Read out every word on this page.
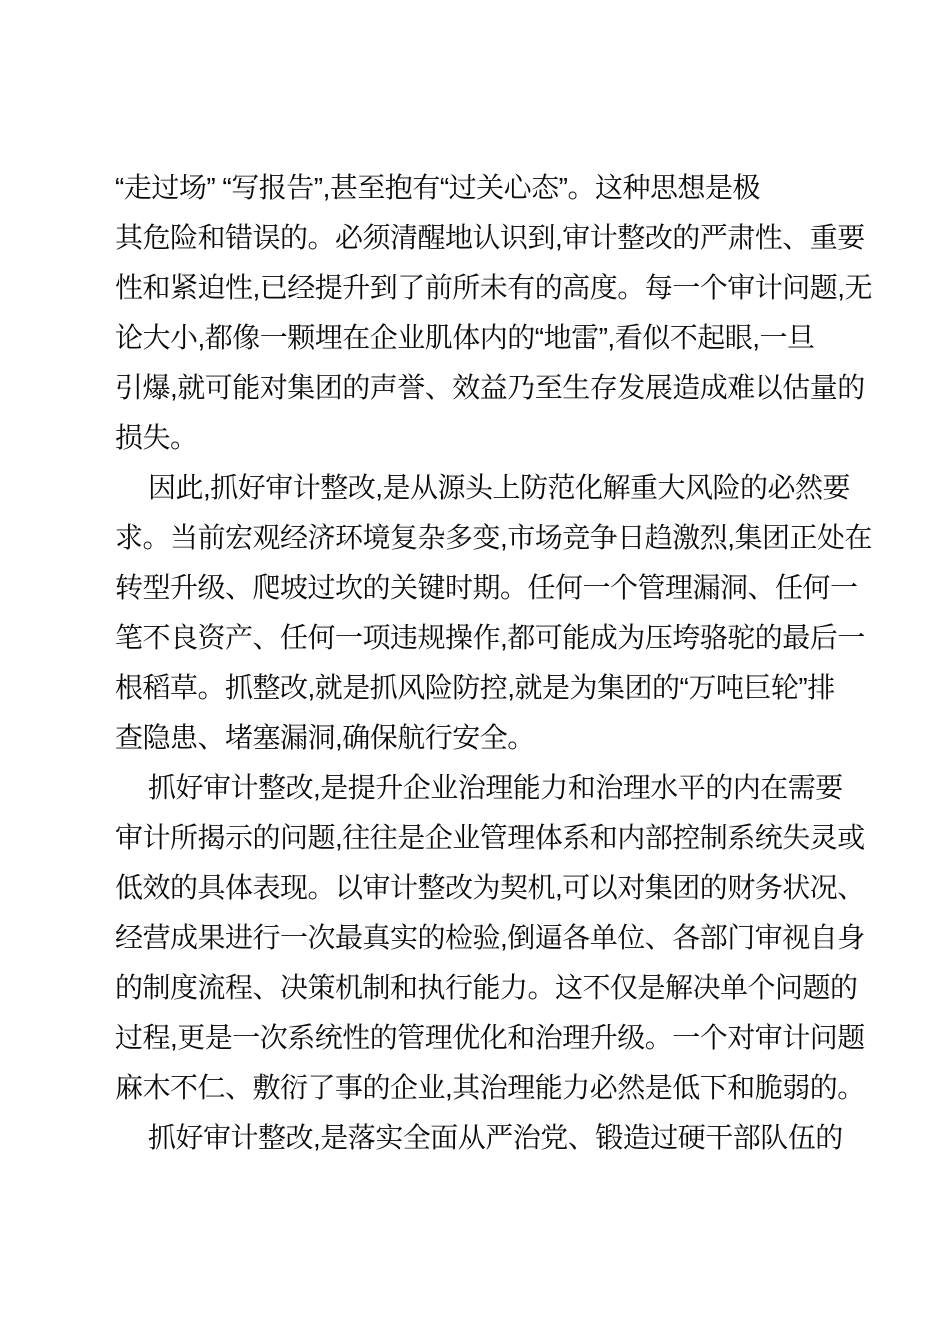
“走过场” “写报告”,甚至抱有“过关心态”。这种思想是极
其危险和错误的。必须清醒地认识到,审计整改的严肃性、重要
性和紧迫性,已经提升到了前所未有的高度。每一个审计问题,无
论大小,都像一颗埋在企业肌体内的“地雷”,看似不起眼,一旦
引爆,就可能对集团的声誉、效益乃至生存发展造成难以估量的
损失。
因此,抓好审计整改,是从源头上防范化解重大风险的必然要
求。当前宏观经济环境复杂多变,市场竞争日趋激烈,集团正处在
转型升级、爬坡过坎的关键时期。任何一个管理漏洞、任何一
笔不良资产、任何一项违规操作,都可能成为压垮骆驼的最后一
根稻草。抓整改,就是抓风险防控,就是为集团的“万吨巨轮”排
查隐患、堵塞漏洞,确保航行安全。
抓好审计整改,是提升企业治理能力和治理水平的内在需要
审计所揭示的问题,往往是企业管理体系和内部控制系统失灵或
低效的具体表现。以审计整改为契机,可以对集团的财务状况、
经营成果进行一次最真实的检验,倒逼各单位、各部门审视自身
的制度流程、决策机制和执行能力。这不仅是解决单个问题的
过程,更是一次系统性的管理优化和治理升级。一个对审计问题
麻木不仁、敷衍了事的企业,其治理能力必然是低下和脆弱的。
抓好审计整改,是落实全面从严治党、锻造过硬干部队伍的
